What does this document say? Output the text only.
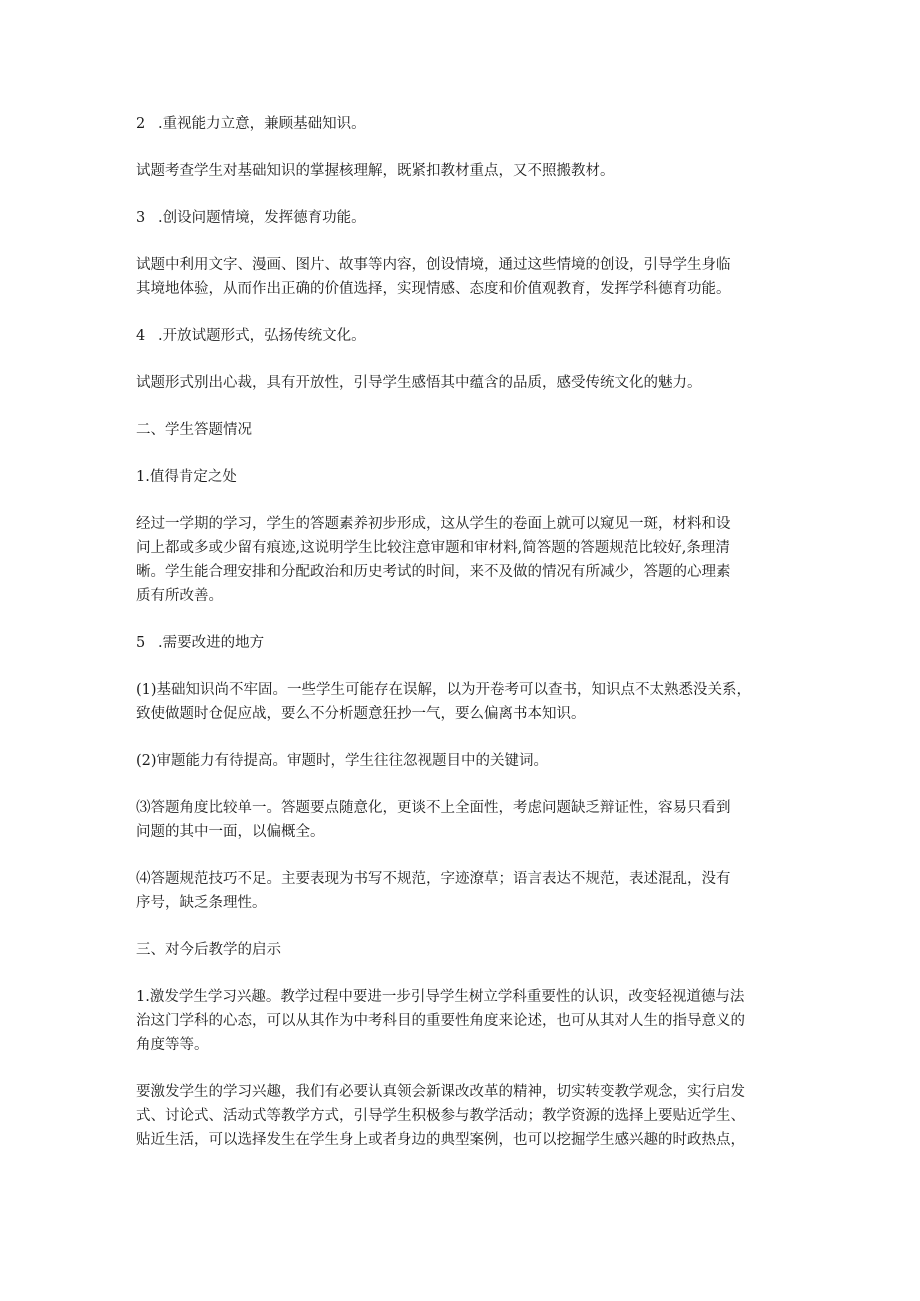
2 .重视能力立意，兼顾基础知识。

试题考查学生对基础知识的掌握核理解，既紧扣教材重点，又不照搬教材。

3 .创设问题情境，发挥德育功能。

试题中利用文字、漫画、图片、故事等内容，创设情境，通过这些情境的创设，引导学生身临

其境地体验，从而作出正确的价值选择，实现情感、态度和价值观教育，发挥学科德育功能。

4 .开放试题形式，弘扬传统文化。

试题形式别出心裁，具有开放性，引导学生感悟其中蕴含的品质，感受传统文化的魅力。

二、学生答题情况

1.值得肯定之处

经过一学期的学习，学生的答题素养初步形成，这从学生的卷面上就可以窥见一斑，材料和设

问上都或多或少留有痕迹,这说明学生比较注意审题和审材料,简答题的答题规范比较好,条理清

晰。学生能合理安排和分配政治和历史考试的时间，来不及做的情况有所减少，答题的心理素

质有所改善。

5 .需要改进的地方

(1)基础知识尚不牢固。一些学生可能存在误解，以为开卷考可以查书，知识点不太熟悉没关系，

致使做题时仓促应战，要么不分析题意狂抄一气，要么偏离书本知识。

(2)审题能力有待提高。审题时，学生往往忽视题目中的关键词。

⑶答题角度比较单一。答题要点随意化，更谈不上全面性，考虑问题缺乏辩证性，容易只看到

问题的其中一面，以偏概全。

⑷答题规范技巧不足。主要表现为书写不规范，字迹潦草；语言表达不规范，表述混乱，没有

序号，缺乏条理性。

三、对今后教学的启示

1.激发学生学习兴趣。教学过程中要进一步引导学生树立学科重要性的认识，改变轻视道德与法

治这门学科的心态，可以从其作为中考科目的重要性角度来论述，也可从其对人生的指导意义的

角度等等。

要激发学生的学习兴趣，我们有必要认真领会新课改改革的精神，切实转变教学观念，实行启发

式、讨论式、活动式等教学方式，引导学生积极参与教学活动；教学资源的选择上要贴近学生、

贴近生活，可以选择发生在学生身上或者身边的典型案例，也可以挖掘学生感兴趣的时政热点，
